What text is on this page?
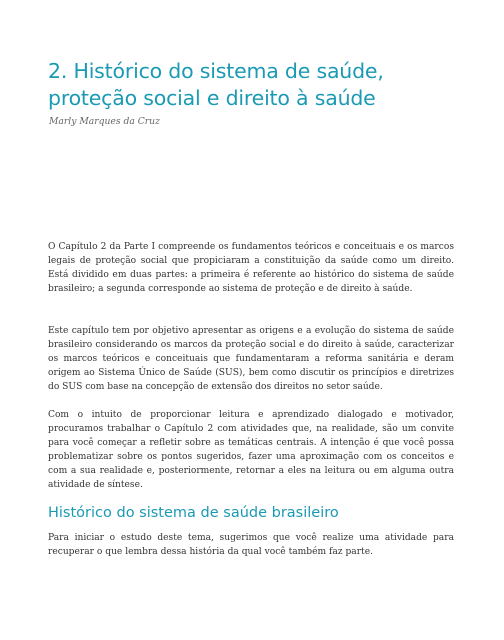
2. Histórico do sistema de saúde,
proteção social e direito à saúde
Marly Marques da Cruz

O Capítulo 2 da Parte I compreende os fundamentos teóricos e conceituais e os marcos legais de proteção social que propiciaram a constituição da saúde como um direito. Está dividido em duas partes: a primeira é referente ao histórico do sistema de saúde brasileiro; a segunda corresponde ao sistema de proteção e de direito à saúde.

Este capítulo tem por objetivo apresentar as origens e a evolução do sistema de saúde brasileiro considerando os marcos da proteção social e do direito à saúde, caracterizar os marcos teóricos e conceituais que fundamentaram a reforma sanitária e deram origem ao Sistema Único de Saúde (SUS), bem como discutir os princípios e diretrizes do SUS com base na concepção de extensão dos direitos no setor saúde.

Com o intuito de proporcionar leitura e aprendizado dialogado e motivador, procuramos trabalhar o Capítulo 2 com atividades que, na realidade, são um convite para você começar a refletir sobre as temáticas centrais. A intenção é que você possa problematizar sobre os pontos sugeridos, fazer uma aproximação com os conceitos e com a sua realidade e, posteriormente, retornar a eles na leitura ou em alguma outra atividade de síntese.

Histórico do sistema de saúde brasileiro

Para iniciar o estudo deste tema, sugerimos que você realize uma atividade para recuperar o que lembra dessa história da qual você também faz parte.
